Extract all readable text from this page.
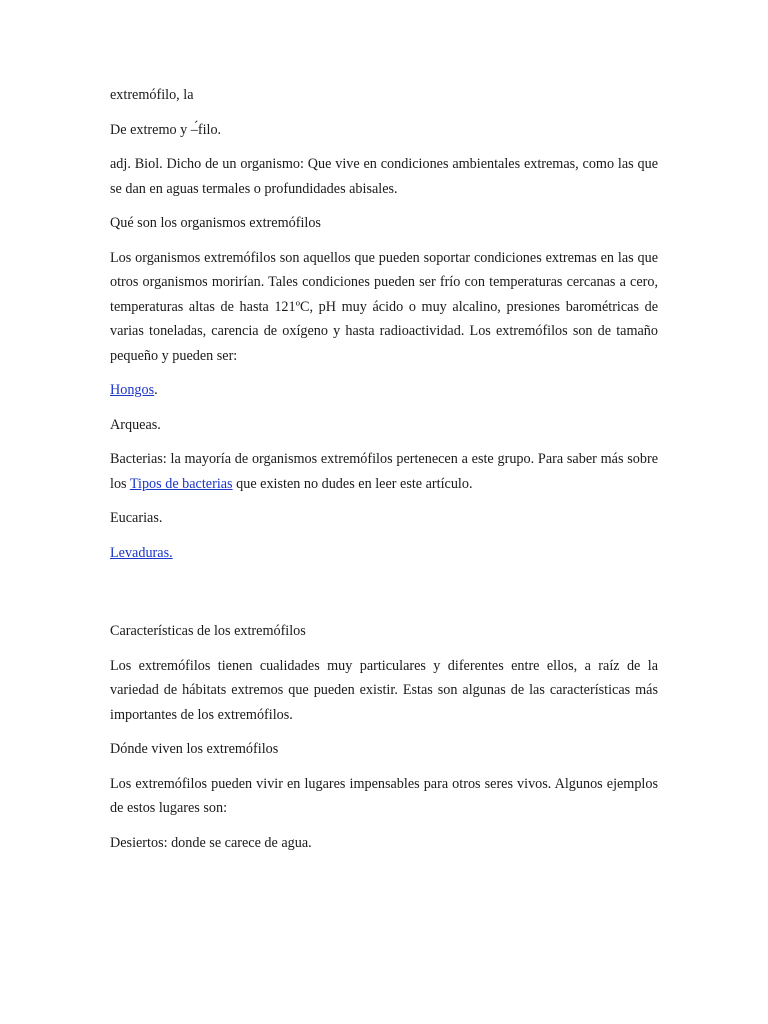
extremófilo, la

De extremo y –́filo.

adj. Biol. Dicho de un organismo: Que vive en condiciones ambientales extremas, como las que se dan en aguas termales o profundidades abisales.

Qué son los organismos extremófilos

Los organismos extremófilos son aquellos que pueden soportar condiciones extremas en las que otros organismos morirían. Tales condiciones pueden ser frío con temperaturas cercanas a cero, temperaturas altas de hasta 121ºC, pH muy ácido o muy alcalino, presiones barométricas de varias toneladas, carencia de oxígeno y hasta radioactividad. Los extremófilos son de tamaño pequeño y pueden ser:

Hongos.

Arqueas.

Bacterias: la mayoría de organismos extremófilos pertenecen a este grupo. Para saber más sobre los Tipos de bacterias que existen no dudes en leer este artículo.

Eucarias.

Levaduras.

Características de los extremófilos

Los extremófilos tienen cualidades muy particulares y diferentes entre ellos, a raíz de la variedad de hábitats extremos que pueden existir. Estas son algunas de las características más importantes de los extremófilos.

Dónde viven los extremófilos

Los extremófilos pueden vivir en lugares impensables para otros seres vivos. Algunos ejemplos de estos lugares son:

Desiertos: donde se carece de agua.
